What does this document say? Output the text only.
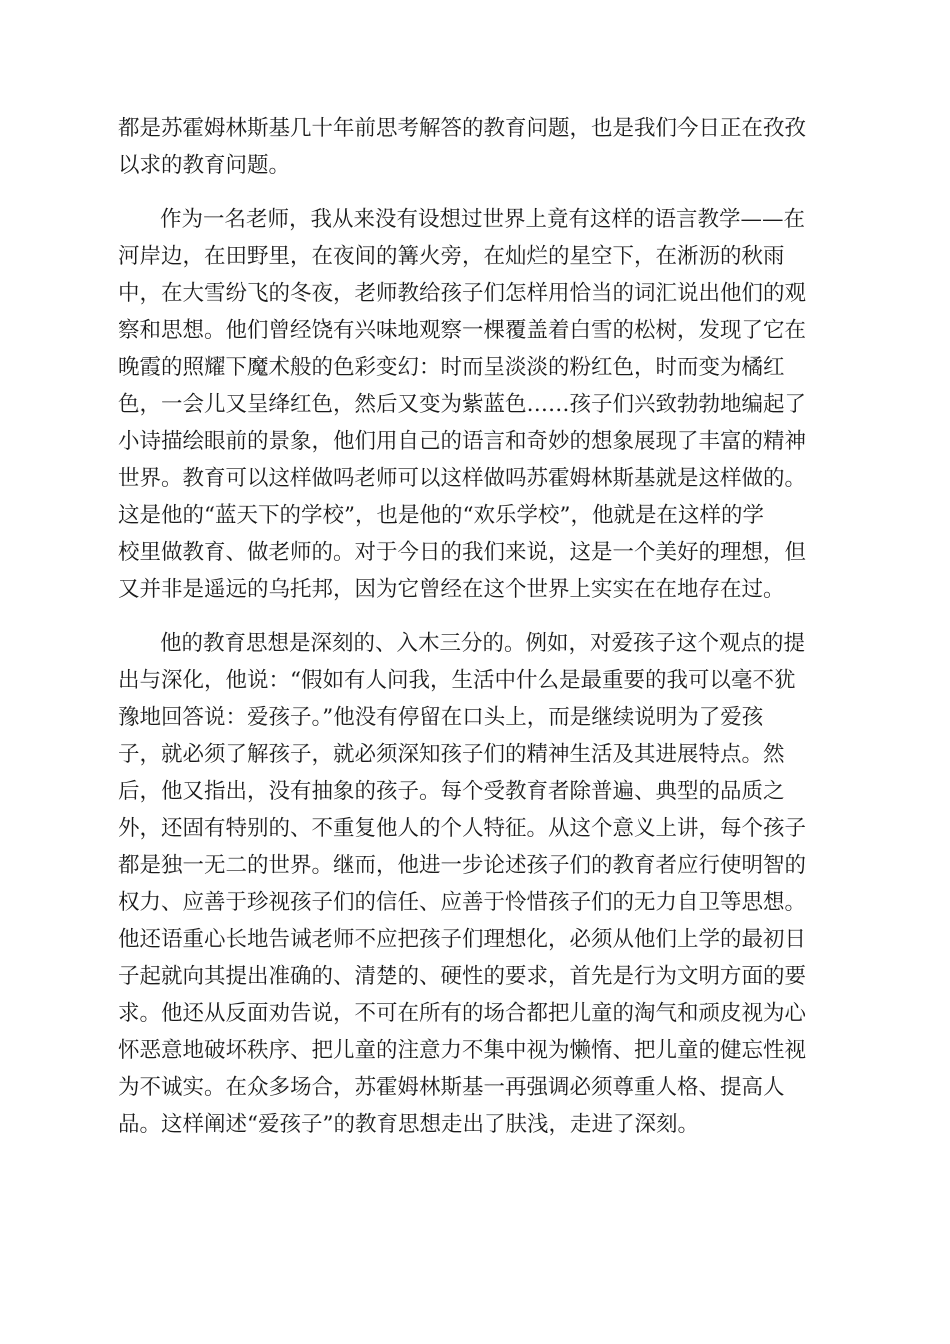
都是苏霍姆林斯基几十年前思考解答的教育问题，也是我们今日正在孜孜
以求的教育问题。
作为一名老师，我从来没有设想过世界上竟有这样的语言教学——在
河岸边，在田野里，在夜间的篝火旁，在灿烂的星空下，在淅沥的秋雨
中，在大雪纷飞的冬夜，老师教给孩子们怎样用恰当的词汇说出他们的观
察和思想。他们曾经饶有兴味地观察一棵覆盖着白雪的松树，发现了它在
晚霞的照耀下魔术般的色彩变幻：时而呈淡淡的粉红色，时而变为橘红
色，一会儿又呈绛红色，然后又变为紫蓝色……孩子们兴致勃勃地编起了
小诗描绘眼前的景象，他们用自己的语言和奇妙的想象展现了丰富的精神
世界。教育可以这样做吗老师可以这样做吗苏霍姆林斯基就是这样做的。
这是他的“蓝天下的学校”，也是他的“欢乐学校”，他就是在这样的学
校里做教育、做老师的。对于今日的我们来说，这是一个美好的理想，但
又并非是遥远的乌托邦，因为它曾经在这个世界上实实在在地存在过。
他的教育思想是深刻的、入木三分的。例如，对爱孩子这个观点的提
出与深化，他说：“假如有人问我，生活中什么是最重要的我可以毫不犹
豫地回答说：爱孩子。”他没有停留在口头上，而是继续说明为了爱孩
子，就必须了解孩子，就必须深知孩子们的精神生活及其进展特点。然
后，他又指出，没有抽象的孩子。每个受教育者除普遍、典型的品质之
外，还固有特别的、不重复他人的个人特征。从这个意义上讲，每个孩子
都是独一无二的世界。继而，他进一步论述孩子们的教育者应行使明智的
权力、应善于珍视孩子们的信任、应善于怜惜孩子们的无力自卫等思想。
他还语重心长地告诫老师不应把孩子们理想化，必须从他们上学的最初日
子起就向其提出准确的、清楚的、硬性的要求，首先是行为文明方面的要
求。他还从反面劝告说，不可在所有的场合都把儿童的淘气和顽皮视为心
怀恶意地破坏秩序、把儿童的注意力不集中视为懒惰、把儿童的健忘性视
为不诚实。在众多场合，苏霍姆林斯基一再强调必须尊重人格、提高人
品。这样阐述“爱孩子”的教育思想走出了肤浅，走进了深刻。
